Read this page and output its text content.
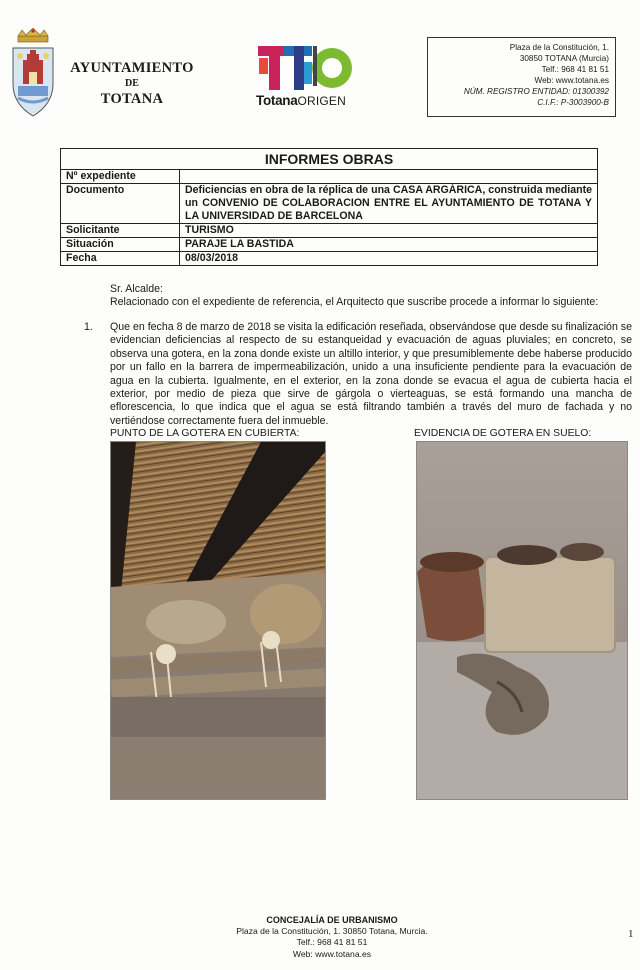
AYUNTAMIENTO
DE
TOTANA	TotanaORIGEN
Plaza de la Constitución, 1.
30850 TOTANA (Murcia)
Telf.: 968 41 81 51
Web: www.totana.es
NÚM. REGISTRO ENTIDAD: 01300392
C.I.F.: P-3003900-B
INFORMES OBRAS	
Nº expediente	
Documento	Deficiencias en obra de la réplica de una CASA ARGÁRICA, construida mediante un CONVENIO DE COLABORACION ENTRE EL AYUNTAMIENTO DE TOTANA Y LA UNIVERSIDAD DE BARCELONA
Solicitante	TURISMO
Situación	PARAJE LA BASTIDA
Fecha	08/03/2018
Sr. Alcalde:
Relacionado con el expediente de referencia, el Arquitecto que suscribe procede a informar lo siguiente:
1. Que en fecha 8 de marzo de 2018 se visita la edificación reseñada, observándose que desde su finalización se evidencian deficiencias al respecto de su estanqueidad y evacuación de aguas pluviales; en concreto, se observa una gotera, en la zona donde existe un altillo interior, y que presumiblemente debe haberse producido por un fallo en la barrera de impermeabilización, unido a una insuficiente pendiente para la evacuación de agua en la cubierta. Igualmente, en el exterior, en la zona donde se evacua el agua de cubierta hacia el exterior, por medio de pieza que sirve de gárgola o vierteaguas, se está formando una mancha de eflorescencia, lo que indica que el agua se está filtrando también a través del muro de fachada y no vertiéndose correctamente fuera del inmueble.
PUNTO DE LA GOTERA EN CUBIERTA:	EVIDENCIA DE GOTERA EN SUELO:
CONCEJALÍA DE URBANISMO
Plaza de la Constitución, 1. 30850 Totana, Murcia.
Telf.: 968 41 81 51
Web: www.totana.es
1
